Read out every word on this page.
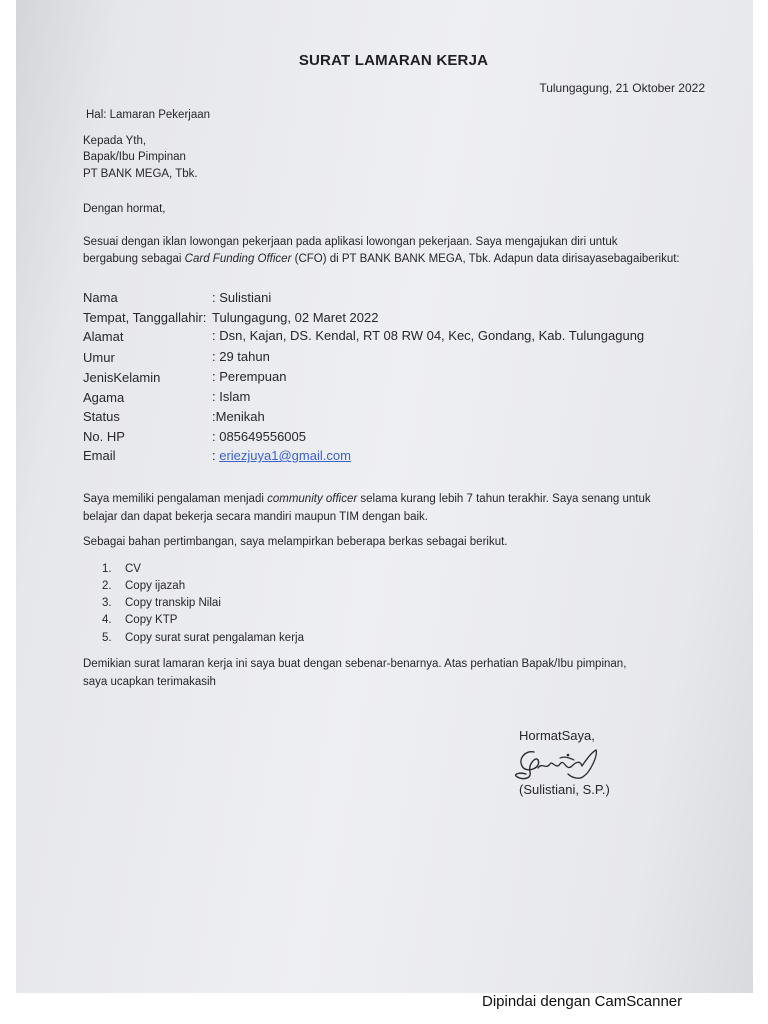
SURAT LAMARAN KERJA
Tulungagung, 21 Oktober 2022
Hal: Lamaran Pekerjaan
Kepada Yth,
Bapak/Ibu Pimpinan
PT BANK MEGA, Tbk.
Dengan hormat,
Sesuai dengan iklan lowongan pekerjaan pada aplikasi lowongan pekerjaan. Saya mengajukan diri untuk
bergabung sebagai Card Funding Officer (CFO) di PT BANK BANK MEGA, Tbk. Adapun data dirisayasebagaiberikut:
Nama	: Sulistiani
Tempat, Tanggallahir: Tulungagung, 02 Maret 2022
Alamat	: Dsn, Kajan, DS. Kendal, RT 08 RW 04, Kec, Gondang, Kab. Tulungagung
Umur	: 29 tahun
JenisKelamin	: Perempuan
Agama	: Islam
Status	:Menikah
No. HP	: 085649556005
Email	: eriezjuya1@gmail.com
Saya memiliki pengalaman menjadi community officer selama kurang lebih 7 tahun terakhir. Saya senang untuk
belajar dan dapat bekerja secara mandiri maupun TIM dengan baik.
Sebagai bahan pertimbangan, saya melampirkan beberapa berkas sebagai berikut.
1. CV
2. Copy ijazah
3. Copy transkip Nilai
4. Copy KTP
5. Copy surat surat pengalaman kerja
Demikian surat lamaran kerja ini saya buat dengan sebenar-benarnya. Atas perhatian Bapak/Ibu pimpinan,
saya ucapkan terimakasih
HormatSaya,
(Sulistiani, S.P.)
Dipindai dengan CamScanner
